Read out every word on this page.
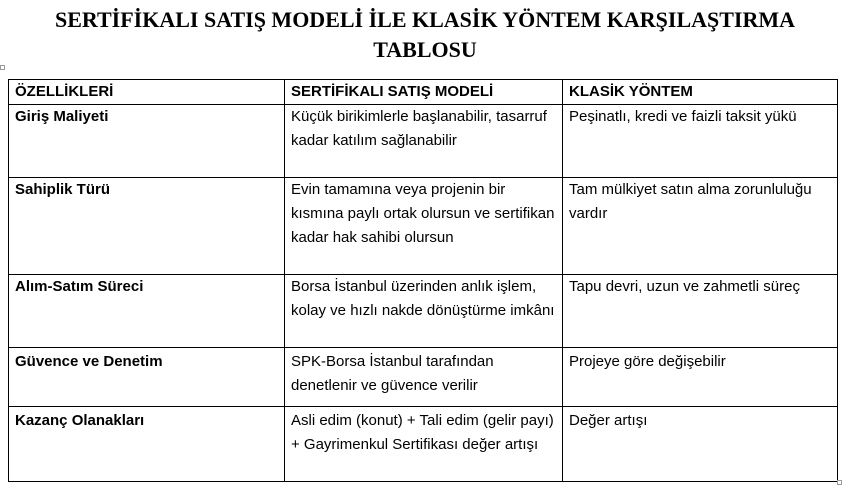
SERTİFİKALI SATIŞ MODELİ İLE KLASİK YÖNTEM KARŞILAŞTIRMA
TABLOSU
ÖZELLİKLERİ	SERTİFİKALI SATIŞ MODELİ	KLASİK YÖNTEM
Giriş Maliyeti	Küçük birikimlerle başlanabilir, tasarruf kadar katılım sağlanabilir	Peşinatlı, kredi ve faizli taksit yükü
Sahiplik Türü	Evin tamamına veya projenin bir kısmına paylı ortak olursun ve sertifikan kadar hak sahibi olursun	Tam mülkiyet satın alma zorunluluğu vardır
Alım-Satım Süreci	Borsa İstanbul üzerinden anlık işlem, kolay ve hızlı nakde dönüştürme imkânı	Tapu devri, uzun ve zahmetli süreç
Güvence ve Denetim	SPK-Borsa İstanbul tarafından denetlenir ve güvence verilir	Projeye göre değişebilir
Kazanç Olanakları	Asli edim (konut) + Tali edim (gelir payı) + Gayrimenkul Sertifikası değer artışı	Değer artışı
